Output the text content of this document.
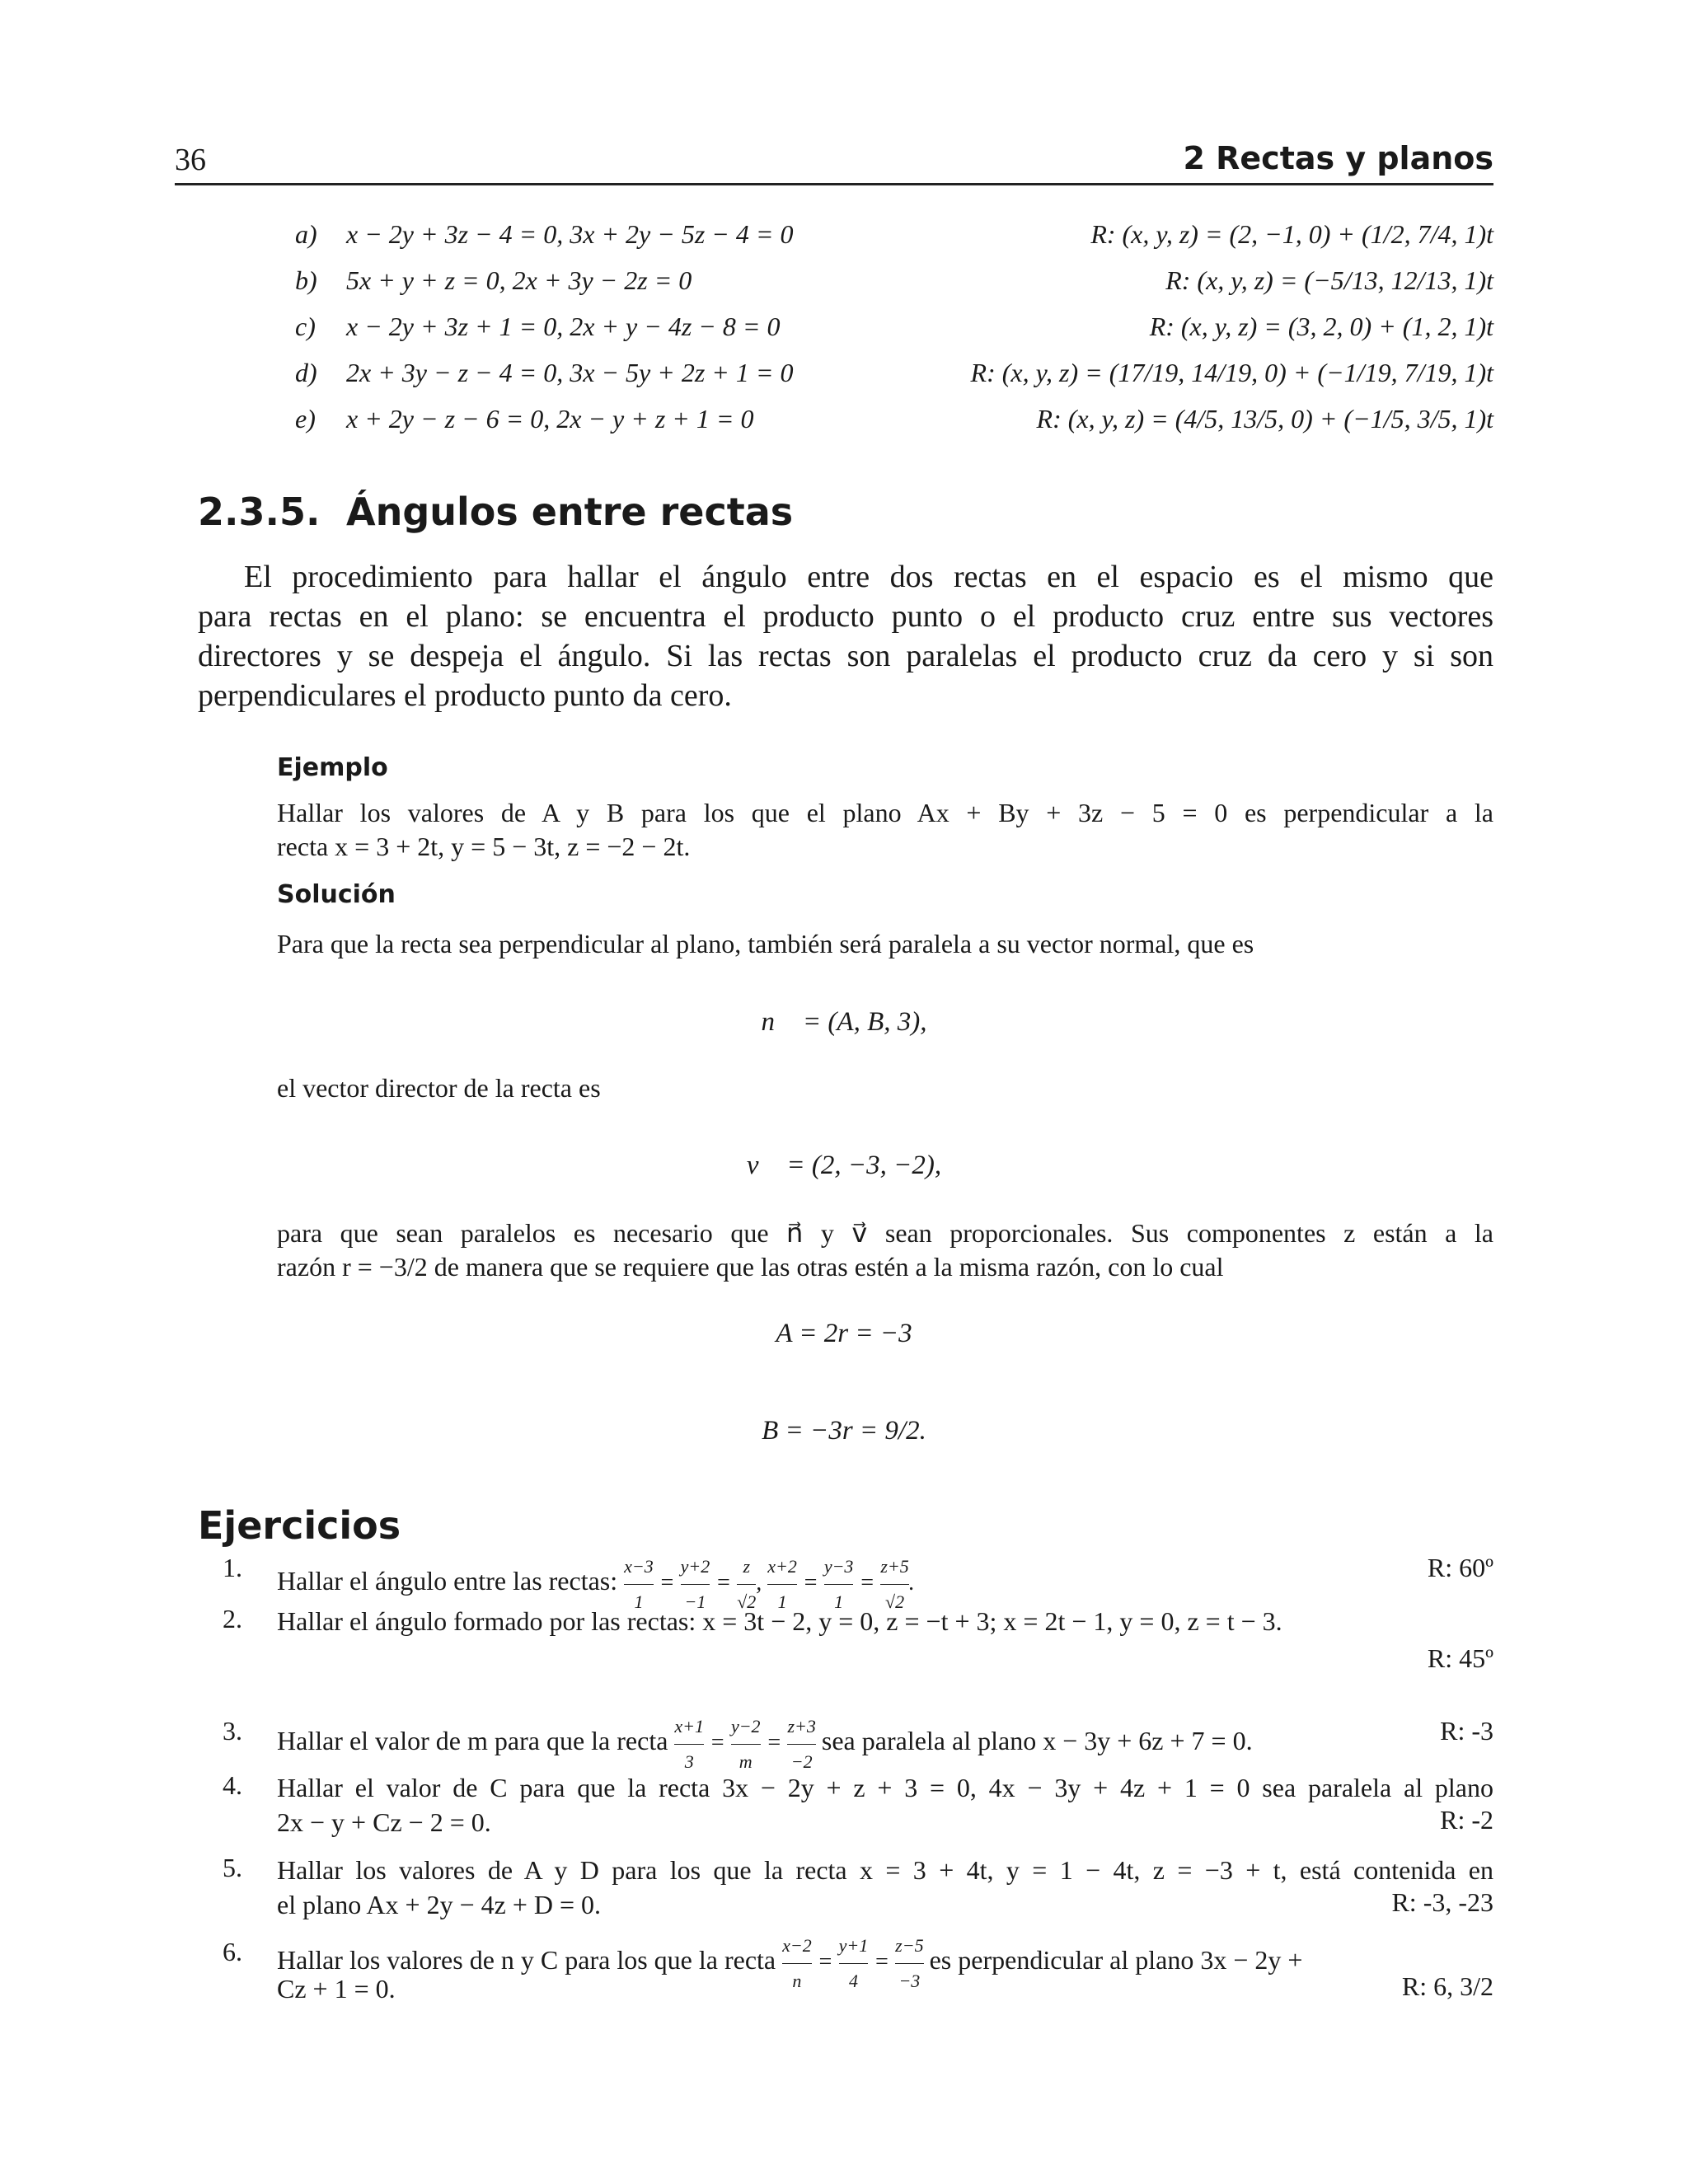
36	2 Rectas y planos
a) x − 2y + 3z − 4 = 0, 3x + 2y − 5z − 4 = 0	R: (x, y, z) = (2, −1, 0) + (1/2, 7/4, 1)t
b) 5x + y + z = 0, 2x + 3y − 2z = 0	R: (x, y, z) = (−5/13, 12/13, 1)t
c) x − 2y + 3z + 1 = 0, 2x + y − 4z − 8 = 0	R: (x, y, z) = (3, 2, 0) + (1, 2, 1)t
d) 2x + 3y − z − 4 = 0, 3x − 5y + 2z + 1 = 0	R: (x, y, z) = (17/19, 14/19, 0) + (−1/19, 7/19, 1)t
e) x + 2y − z − 6 = 0, 2x − y + z + 1 = 0	R: (x, y, z) = (4/5, 13/5, 0) + (−1/5, 3/5, 1)t
2.3.5. Ángulos entre rectas
El procedimiento para hallar el ángulo entre dos rectas en el espacio es el mismo que
para rectas en el plano: se encuentra el producto punto o el producto cruz entre sus vectores
directores y se despeja el ángulo. Si las rectas son paralelas el producto cruz da cero y si son
perpendiculares el producto punto da cero.
Ejemplo
Hallar los valores de A y B para los que el plano Ax + By + 3z − 5 = 0 es perpendicular a la
recta x = 3 + 2t, y = 5 − 3t, z = −2 − 2t.
Solución
Para que la recta sea perpendicular al plano, también será paralela a su vector normal, que es
n⃗ = (A, B, 3),
el vector director de la recta es
v⃗ = (2, −3, −2),
para que sean paralelos es necesario que n⃗ y v⃗ sean proporcionales. Sus componentes z están a la
razón r = −3/2 de manera que se requiere que las otras estén a la misma razón, con lo cual
A = 2r = −3
B = −3r = 9/2.
Ejercicios
1. Hallar el ángulo entre las rectas: $\frac{x-3}{1} = \frac{y+2}{-1} = \frac{z}{√2}$ , $\frac{x+2}{1} = \frac{y-3}{1} = \frac{z+5}{√2}$ .
R: 60º
2. Hallar el ángulo formado por las rectas: x = 3t − 2, y = 0, z = −t + 3; x = 2t − 1, y = 0, z = t − 3.
R: 45º
3. Hallar el valor de m para que la recta $\frac{x+1}{3} = \frac{y-2}{m} = \frac{z+3}{-2}$ sea paralela al plano x − 3y + 6z + 7 = 0.	R: -3
4. Hallar el valor de C para que la recta 3x − 2y + z + 3 = 0, 4x − 3y + 4z + 1 = 0 sea paralela al plano
2x − y + Cz − 2 = 0.	R: -2
5. Hallar los valores de A y D para los que la recta x = 3 + 4t, y = 1 − 4t, z = −3 + t, está contenida en
el plano Ax + 2y − 4z + D = 0.	R: -3, -23
6. Hallar los valores de n y C para los que la recta $\frac{x-2}{n} = \frac{y+1}{4} = \frac{z-5}{-3}$ es perpendicular al plano 3x − 2y +
Cz + 1 = 0.	R: 6, 3/2
